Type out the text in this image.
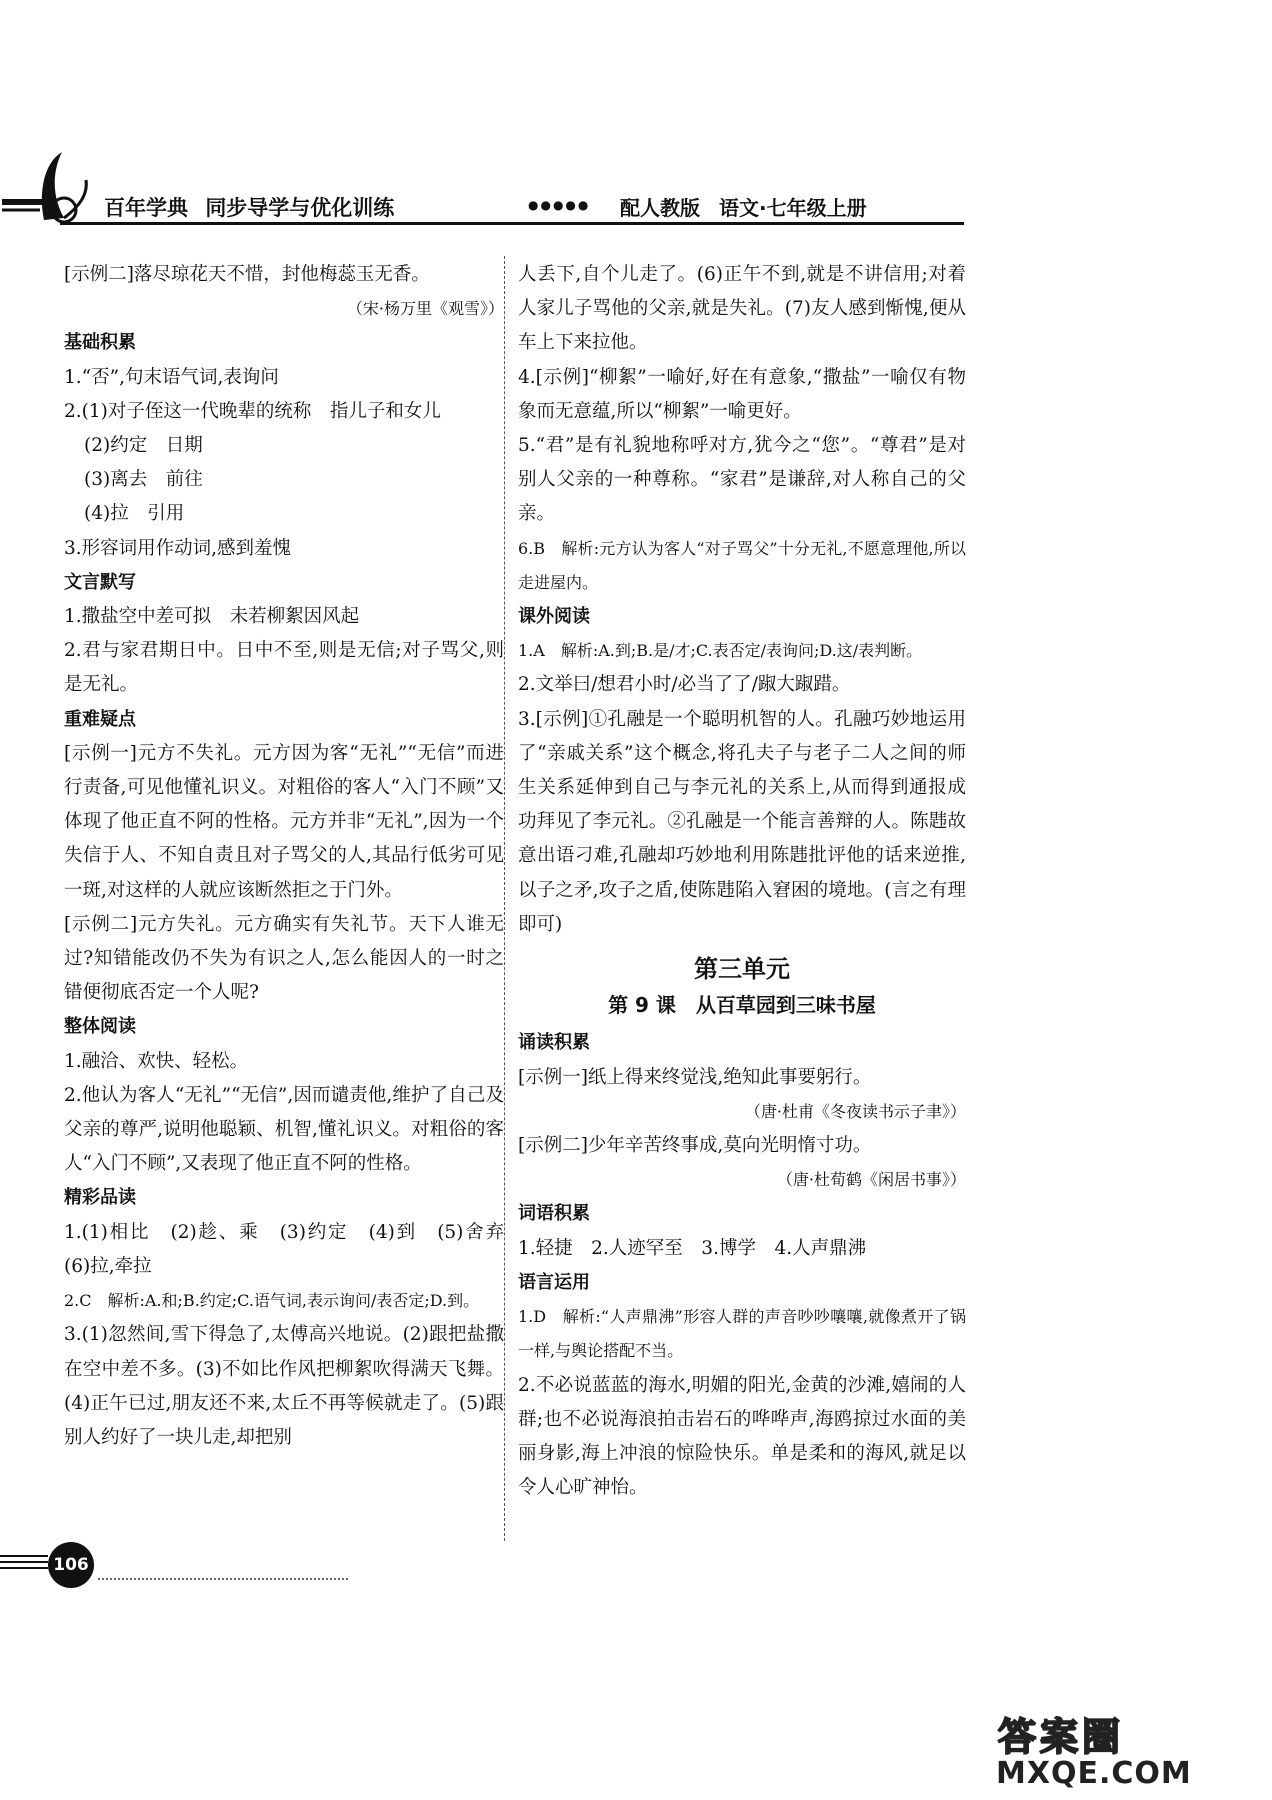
百年学典 同步导学与优化训练	●●●●● 配人教版 语文·七年级上册

[示例二]落尽琼花天不惜，封他梅蕊玉无香。

（宋·杨万里《观雪》）

基础积累

1.“否”,句末语气词,表询问

2.(1)对子侄这一代晚辈的统称　指儿子和女儿

(2)约定　日期

(3)离去　前往

(4)拉　引用

3.形容词用作动词,感到羞愧

文言默写

1.撒盐空中差可拟　未若柳絮因风起

2.君与家君期日中。日中不至,则是无信;对子骂父,则是无礼。

重难疑点

[示例一]元方不失礼。元方因为客“无礼”“无信”而进行责备,可见他懂礼识义。对粗俗的客人“入门不顾”又体现了他正直不阿的性格。元方并非“无礼”,因为一个失信于人、不知自责且对子骂父的人,其品行低劣可见一斑,对这样的人就应该断然拒之于门外。

[示例二]元方失礼。元方确实有失礼节。天下人谁无过?知错能改仍不失为有识之人,怎么能因人的一时之错便彻底否定一个人呢?

整体阅读

1.融洽、欢快、轻松。

2.他认为客人“无礼”“无信”,因而谴责他,维护了自己及父亲的尊严,说明他聪颖、机智,懂礼识义。对粗俗的客人“入门不顾”,又表现了他正直不阿的性格。

精彩品读

1.(1)相比　(2)趁、乘　(3)约定　(4)到　(5)舍弃　(6)拉,牵拉

2.C　解析:A.和;B.约定;C.语气词,表示询问/表否定;D.到。

3.(1)忽然间,雪下得急了,太傅高兴地说。(2)跟把盐撒在空中差不多。(3)不如比作风把柳絮吹得满天飞舞。(4)正午已过,朋友还不来,太丘不再等候就走了。(5)跟别人约好了一块儿走,却把别

人丢下,自个儿走了。(6)正午不到,就是不讲信用;对着人家儿子骂他的父亲,就是失礼。(7)友人感到惭愧,便从车上下来拉他。

4.[示例]“柳絮”一喻好,好在有意象,“撒盐”一喻仅有物象而无意蕴,所以“柳絮”一喻更好。

5.“君”是有礼貌地称呼对方,犹今之“您”。“尊君”是对别人父亲的一种尊称。“家君”是谦辞,对人称自己的父亲。

6.B　解析:元方认为客人“对子骂父”十分无礼,不愿意理他,所以走进屋内。

课外阅读

1.A　解析:A.到;B.是/才;C.表否定/表询问;D.这/表判断。

2.文举曰/想君小时/必当了了/踧大踧踖。

3.[示例]①孔融是一个聪明机智的人。孔融巧妙地运用了“亲戚关系”这个概念,将孔夫子与老子二人之间的师生关系延伸到自己与李元礼的关系上,从而得到通报成功拜见了李元礼。②孔融是一个能言善辩的人。陈韪故意出语刁难,孔融却巧妙地利用陈韪批评他的话来逆推,以子之矛,攻子之盾,使陈韪陷入窘困的境地。(言之有理即可)

第三单元

第 9 课　从百草园到三味书屋

诵读积累

[示例一]纸上得来终觉浅,绝知此事要躬行。

（唐·杜甫《冬夜读书示子聿》）

[示例二]少年辛苦终事成,莫向光明惰寸功。

（唐·杜荀鹤《闲居书事》）

词语积累

1.轻捷　2.人迹罕至　3.博学　4.人声鼎沸

语言运用

1.D　解析:“人声鼎沸”形容人群的声音吵吵嚷嚷,就像煮开了锅一样,与舆论搭配不当。

2.不必说蓝蓝的海水,明媚的阳光,金黄的沙滩,嬉闹的人群;也不必说海浪拍击岩石的哗哗声,海鸥掠过水面的美丽身影,海上冲浪的惊险快乐。单是柔和的海风,就足以令人心旷神怡。

106
答案圈
MXQE.COM
